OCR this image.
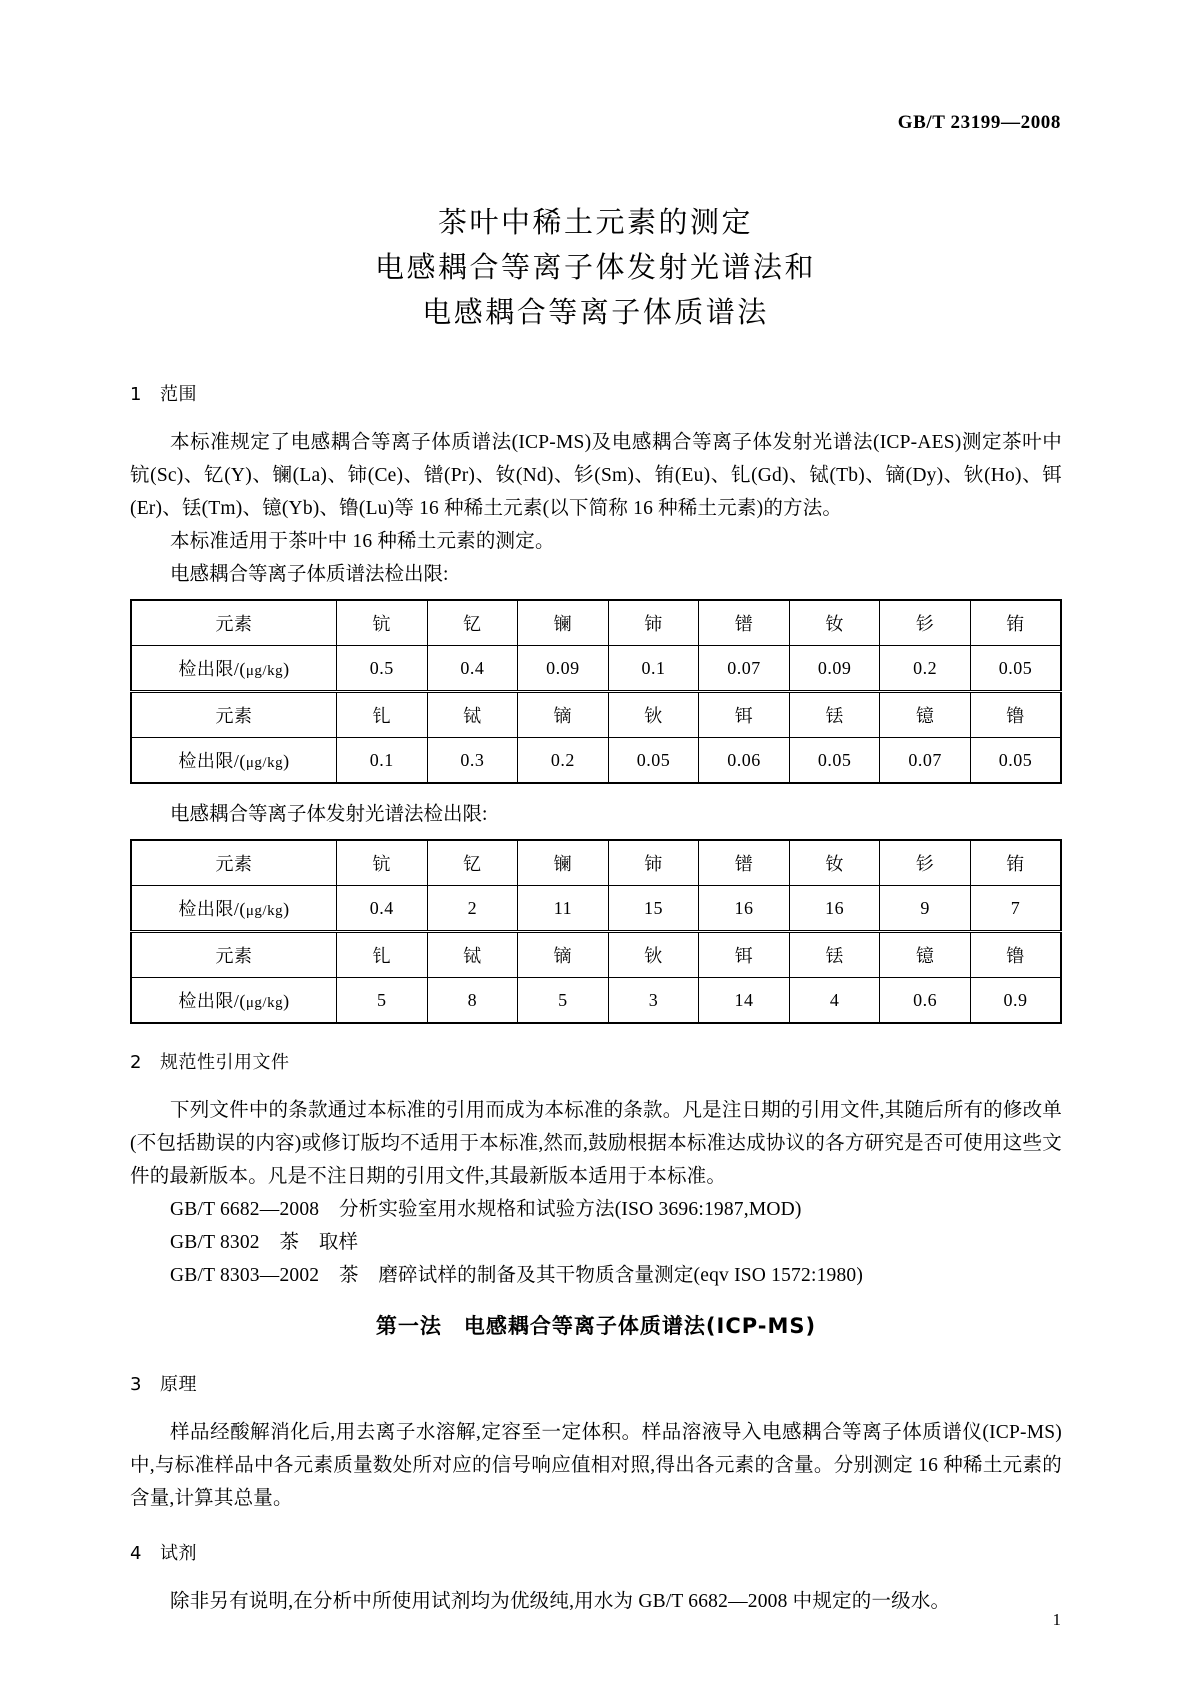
GB/T 23199—2008
茶叶中稀土元素的测定
电感耦合等离子体发射光谱法和
电感耦合等离子体质谱法
1 范围

本标准规定了电感耦合等离子体质谱法(ICP-MS)及电感耦合等离子体发射光谱法(ICP-AES)测定茶叶中钪(Sc)、钇(Y)、镧(La)、铈(Ce)、镨(Pr)、钕(Nd)、钐(Sm)、铕(Eu)、钆(Gd)、铽(Tb)、镝(Dy)、钬(Ho)、铒(Er)、铥(Tm)、镱(Yb)、镥(Lu)等 16 种稀土元素(以下简称 16 种稀土元素)的方法。

本标准适用于茶叶中 16 种稀土元素的测定。

电感耦合等离子体质谱法检出限:

元素	钪	钇	镧	铈	镨	钕	钐	铕
检出限/(μg/kg)	0.5	0.4	0.09	0.1	0.07	0.09	0.2	0.05
元素	钆	铽	镝	钬	铒	铥	镱	镥
检出限/(μg/kg)	0.1	0.3	0.2	0.05	0.06	0.05	0.07	0.05

电感耦合等离子体发射光谱法检出限:

元素	钪	钇	镧	铈	镨	钕	钐	铕
检出限/(μg/kg)	0.4	2	11	15	16	16	9	7
元素	钆	铽	镝	钬	铒	铥	镱	镥
检出限/(μg/kg)	5	8	5	3	14	4	0.6	0.9
2 规范性引用文件

下列文件中的条款通过本标准的引用而成为本标准的条款。凡是注日期的引用文件,其随后所有的修改单(不包括勘误的内容)或修订版均不适用于本标准,然而,鼓励根据本标准达成协议的各方研究是否可使用这些文件的最新版本。凡是不注日期的引用文件,其最新版本适用于本标准。

GB/T 6682—2008　分析实验室用水规格和试验方法(ISO 3696:1987,MOD)

GB/T 8302　茶　取样

GB/T 8303—2002　茶　磨碎试样的制备及其干物质含量测定(eqv ISO 1572:1980)

第一法　电感耦合等离子体质谱法(ICP-MS)

3 原理

样品经酸解消化后,用去离子水溶解,定容至一定体积。样品溶液导入电感耦合等离子体质谱仪(ICP-MS)中,与标准样品中各元素质量数处所对应的信号响应值相对照,得出各元素的含量。分别测定 16 种稀土元素的含量,计算其总量。

4 试剂

除非另有说明,在分析中所使用试剂均为优级纯,用水为 GB/T 6682—2008 中规定的一级水。

1
